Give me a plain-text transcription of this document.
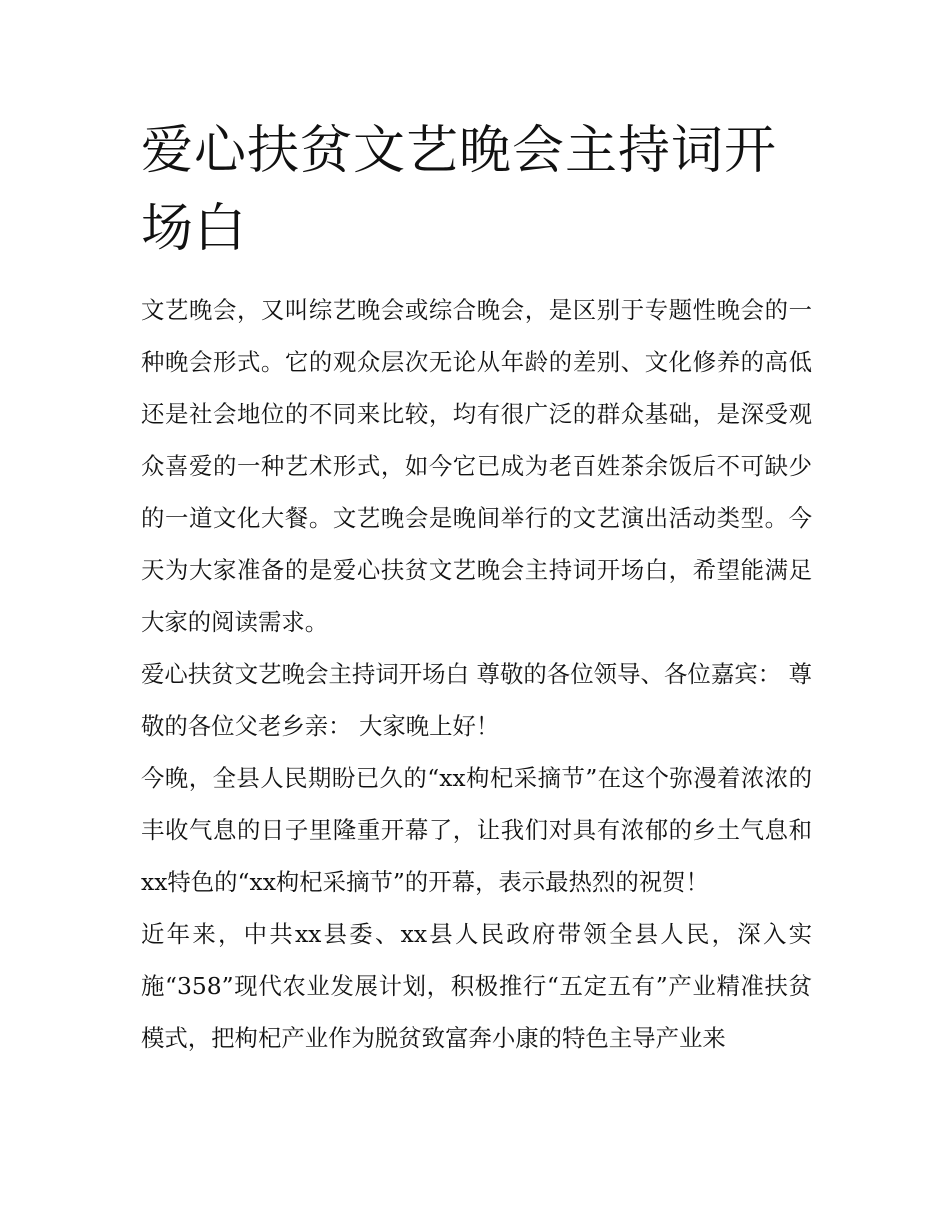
爱心扶贫文艺晚会主持词开场白

文艺晚会，又叫综艺晚会或综合晚会，是区别于专题性晚会的一种晚会形式。它的观众层次无论从年龄的差别、文化修养的高低还是社会地位的不同来比较，均有很广泛的群众基础，是深受观众喜爱的一种艺术形式，如今它已成为老百姓茶余饭后不可缺少的一道文化大餐。文艺晚会是晚间举行的文艺演出活动类型。今天为大家准备的是爱心扶贫文艺晚会主持词开场白，希望能满足大家的阅读需求。

爱心扶贫文艺晚会主持词开场白 尊敬的各位领导、各位嘉宾： 尊敬的各位父老乡亲： 大家晚上好！

今晚，全县人民期盼已久的“xx枸杞采摘节”在这个弥漫着浓浓的丰收气息的日子里隆重开幕了，让我们对具有浓郁的乡土气息和xx特色的“xx枸杞采摘节”的开幕，表示最热烈的祝贺！

近年来，中共xx县委、xx县人民政府带领全县人民，深入实施“358”现代农业发展计划，积极推行“五定五有”产业精准扶贫模式，把枸杞产业作为脱贫致富奔小康的特色主导产业来
